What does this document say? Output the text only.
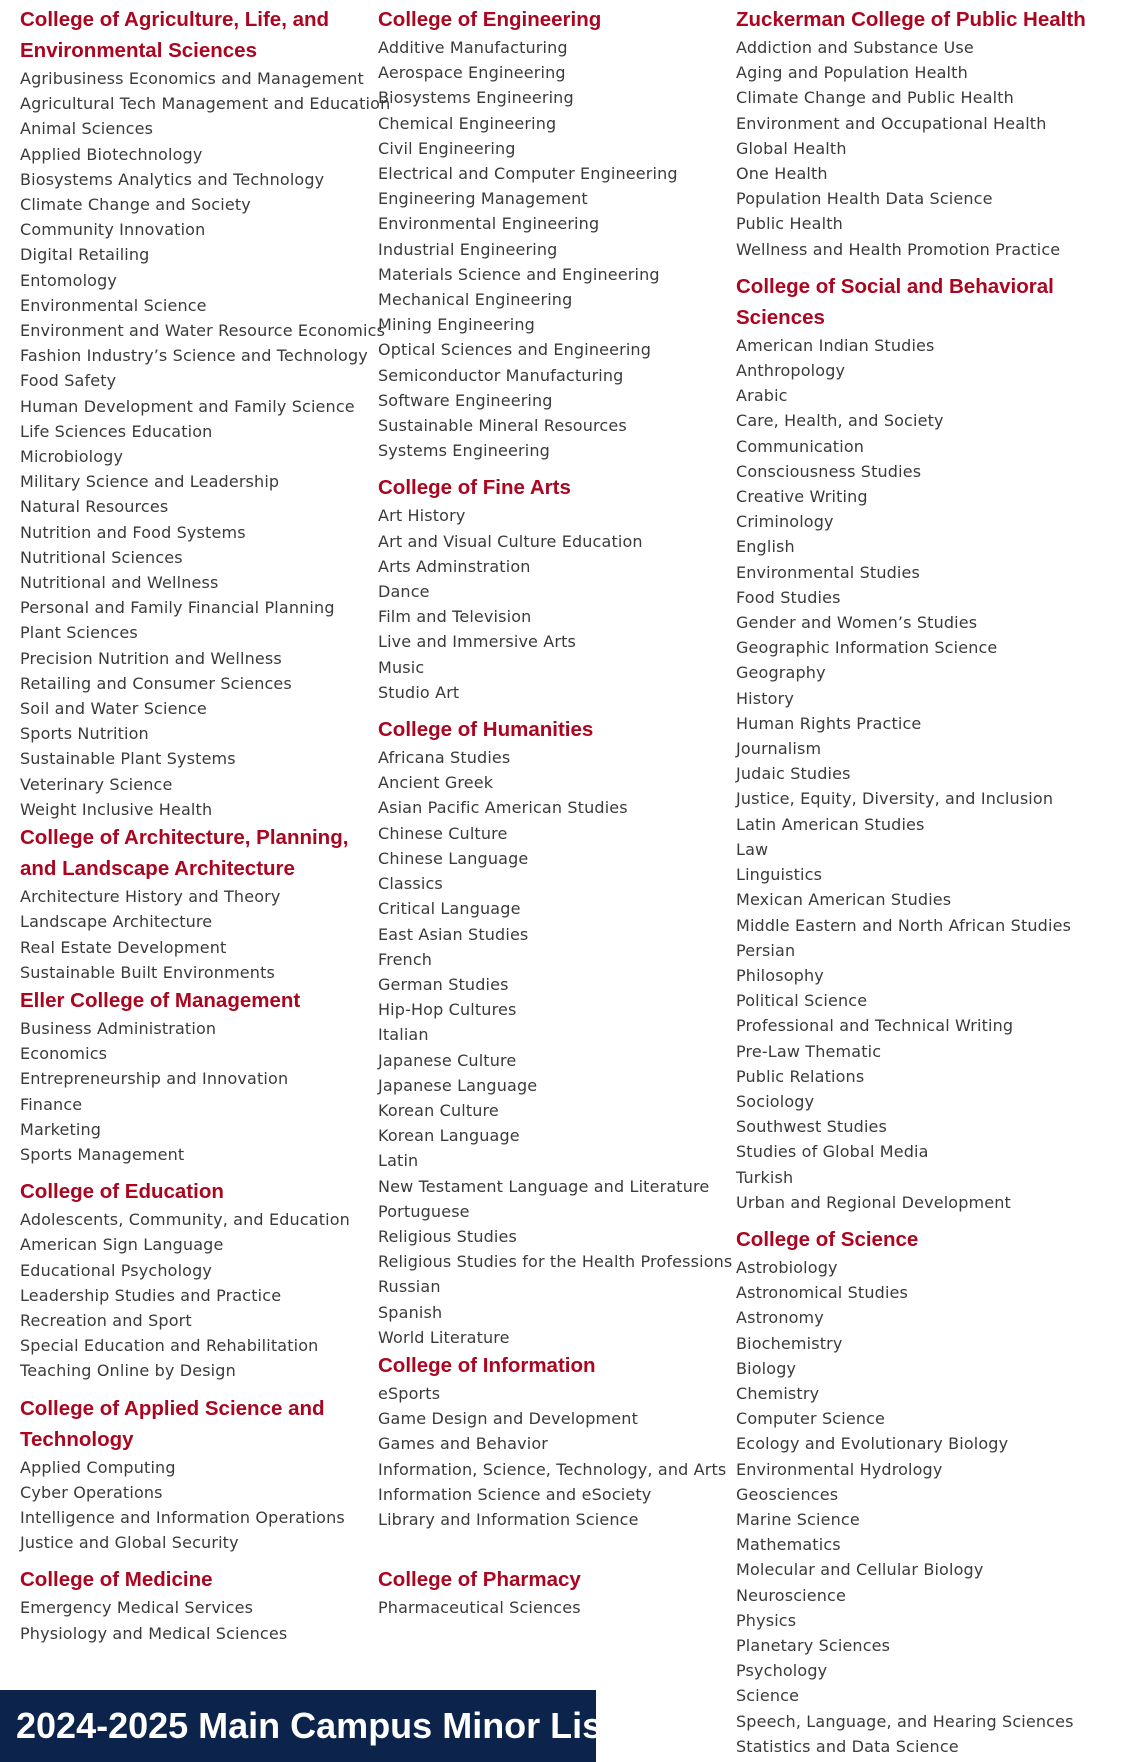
College of Agriculture, Life, and Environmental Sciences
Agribusiness Economics and Management
Agricultural Tech Management and Education
Animal Sciences
Applied Biotechnology
Biosystems Analytics and Technology
Climate Change and Society
Community Innovation
Digital Retailing
Entomology
Environmental Science
Environment and Water Resource Economics
Fashion Industry’s Science and Technology
Food Safety
Human Development and Family Science
Life Sciences Education
Microbiology
Military Science and Leadership
Natural Resources
Nutrition and Food Systems
Nutritional Sciences
Nutritional and Wellness
Personal and Family Financial Planning
Plant Sciences
Precision Nutrition and Wellness
Retailing and Consumer Sciences
Soil and Water Science
Sports Nutrition
Sustainable Plant Systems
Veterinary Science
Weight Inclusive Health
College of Architecture, Planning, and Landscape Architecture
Architecture History and Theory
Landscape Architecture
Real Estate Development
Sustainable Built Environments
Eller College of Management
Business Administration
Economics
Entrepreneurship and Innovation
Finance
Marketing
Sports Management
College of Education
Adolescents, Community, and Education
American Sign Language
Educational Psychology
Leadership Studies and Practice
Recreation and Sport
Special Education and Rehabilitation
Teaching Online by Design
College of Applied Science and Technology
Applied Computing
Cyber Operations
Intelligence and Information Operations
Justice and Global Security
College of Medicine
Emergency Medical Services
Physiology and Medical Sciences
College of Engineering
Additive Manufacturing
Aerospace Engineering
Biosystems Engineering
Chemical Engineering
Civil Engineering
Electrical and Computer Engineering
Engineering Management
Environmental Engineering
Industrial Engineering
Materials Science and Engineering
Mechanical Engineering
Mining Engineering
Optical Sciences and Engineering
Semiconductor Manufacturing
Software Engineering
Sustainable Mineral Resources
Systems Engineering
College of Fine Arts
Art History
Art and Visual Culture Education
Arts Adminstration
Dance
Film and Television
Live and Immersive Arts
Music
Studio Art
College of Humanities
Africana Studies
Ancient Greek
Asian Pacific American Studies
Chinese Culture
Chinese Language
Classics
Critical Language
East Asian Studies
French
German Studies
Hip-Hop Cultures
Italian
Japanese Culture
Japanese Language
Korean Culture
Korean Language
Latin
New Testament Language and Literature
Portuguese
Religious Studies
Religious Studies for the Health Professions
Russian
Spanish
World Literature
College of Information
eSports
Game Design and Development
Games and Behavior
Information, Science, Technology, and Arts
Information Science and eSociety
Library and Information Science
College of Pharmacy
Pharmaceutical Sciences
Zuckerman College of Public Health
Addiction and Substance Use
Aging and Population Health
Climate Change and Public Health
Environment and Occupational Health
Global Health
One Health
Population Health Data Science
Public Health
Wellness and Health Promotion Practice
College of Social and Behavioral Sciences
American Indian Studies
Anthropology
Arabic
Care, Health, and Society
Communication
Consciousness Studies
Creative Writing
Criminology
English
Environmental Studies
Food Studies
Gender and Women’s Studies
Geographic Information Science
Geography
History
Human Rights Practice
Journalism
Judaic Studies
Justice, Equity, Diversity, and Inclusion
Latin American Studies
Law
Linguistics
Mexican American Studies
Middle Eastern and North African Studies
Persian
Philosophy
Political Science
Professional and Technical Writing
Pre-Law Thematic
Public Relations
Sociology
Southwest Studies
Studies of Global Media
Turkish
Urban and Regional Development
College of Science
Astrobiology
Astronomical Studies
Astronomy
Biochemistry
Biology
Chemistry
Computer Science
Ecology and Evolutionary Biology
Environmental Hydrology
Geosciences
Marine Science
Mathematics
Molecular and Cellular Biology
Neuroscience
Physics
Planetary Sciences
Psychology
Science
Speech, Language, and Hearing Sciences
Statistics and Data Science
2024-2025 Main Campus Minor List
